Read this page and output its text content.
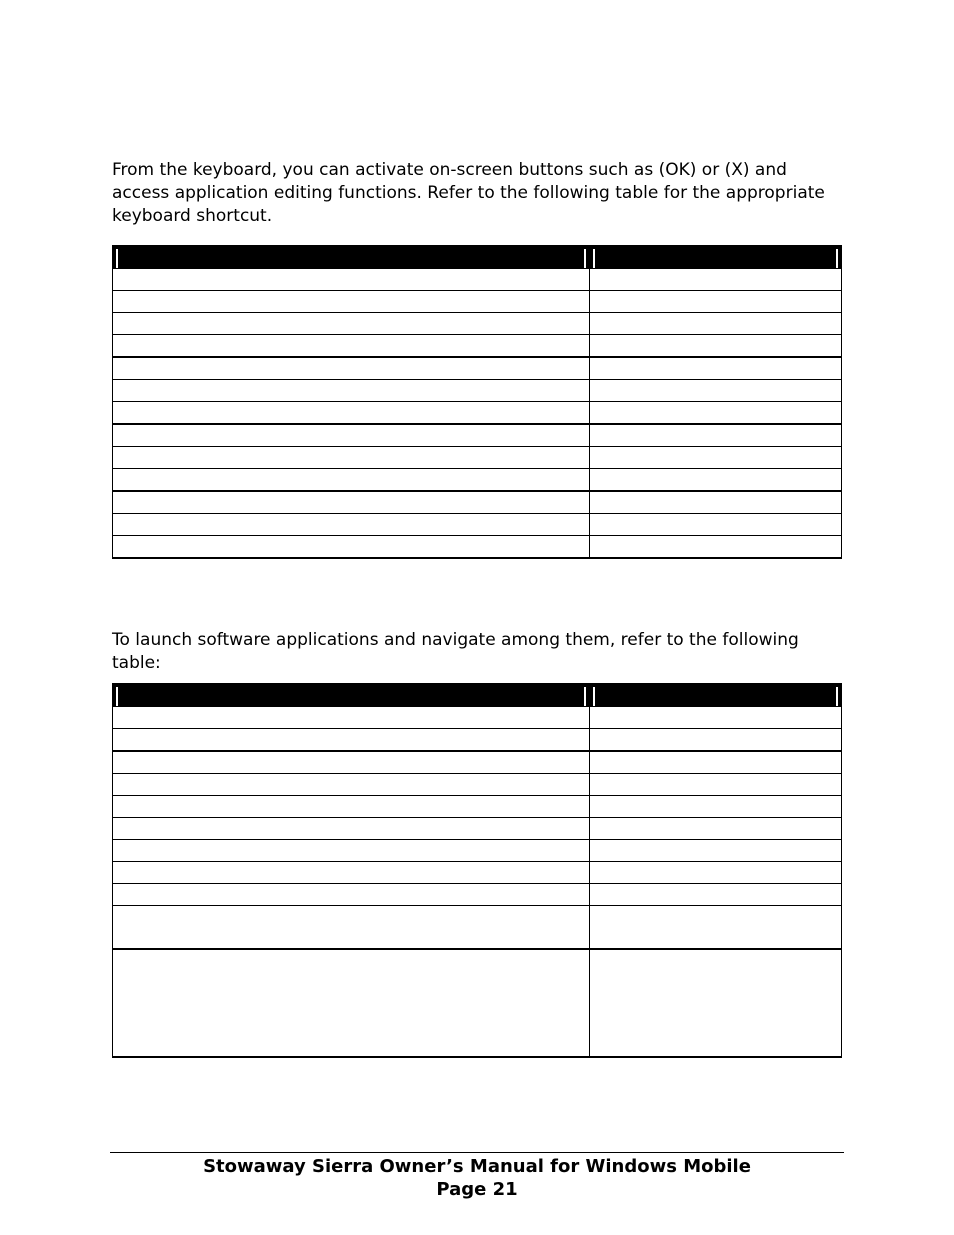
From the keyboard, you can activate on-screen buttons such as (OK) or (X) and access application editing functions. Refer to the following table for the appropriate keyboard shortcut.

To launch software applications and navigate among them, refer to the following table:

Stowaway Sierra Owner’s Manual for Windows Mobile
Page 21
